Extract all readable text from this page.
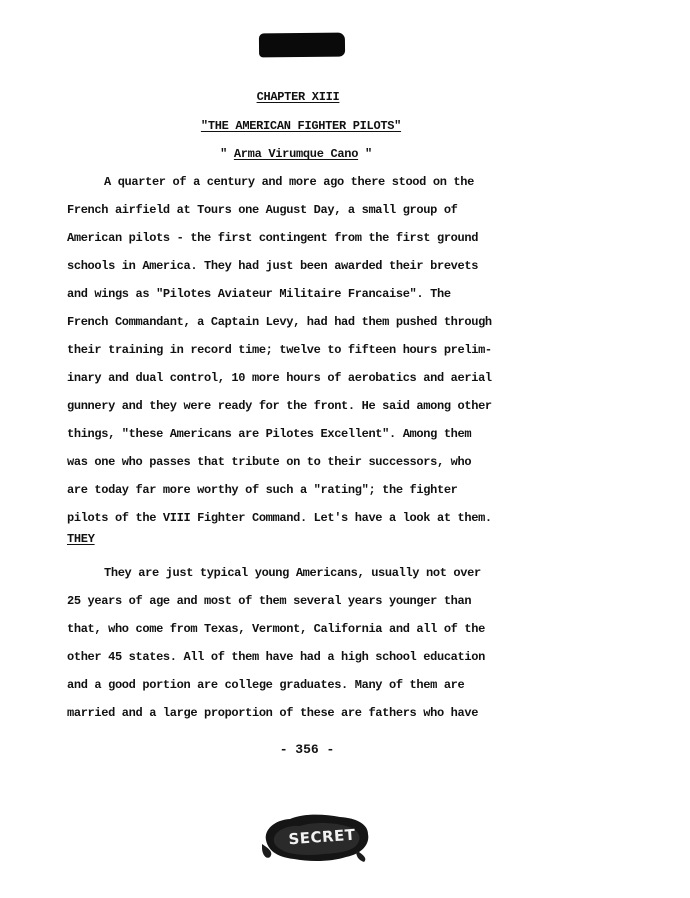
CHAPTER XIII
"THE AMERICAN FIGHTER PILOTS"
" Arma Virumque Cano "
A quarter of a century and more ago there stood on the
French airfield at Tours one August Day, a small group of
American pilots - the first contingent from the first ground
schools in America. They had just been awarded their brevets
and wings as "Pilotes Aviateur Militaire Francaise". The
French Commandant, a Captain Levy, had had them pushed through
their training in record time; twelve to fifteen hours prelim-
inary and dual control, 10 more hours of aerobatics and aerial
gunnery and they were ready for the front. He said among other
things, "these Americans are Pilotes Excellent". Among them
was one who passes that tribute on to their successors, who
are today far more worthy of such a "rating"; the fighter
pilots of the VIII Fighter Command. Let's have a look at them.
THEY
They are just typical young Americans, usually not over
25 years of age and most of them several years younger than
that, who come from Texas, Vermont, California and all of the
other 45 states. All of them have had a high school education
and a good portion are college graduates. Many of them are
married and a large proportion of these are fathers who have
- 356 -
SECRET
